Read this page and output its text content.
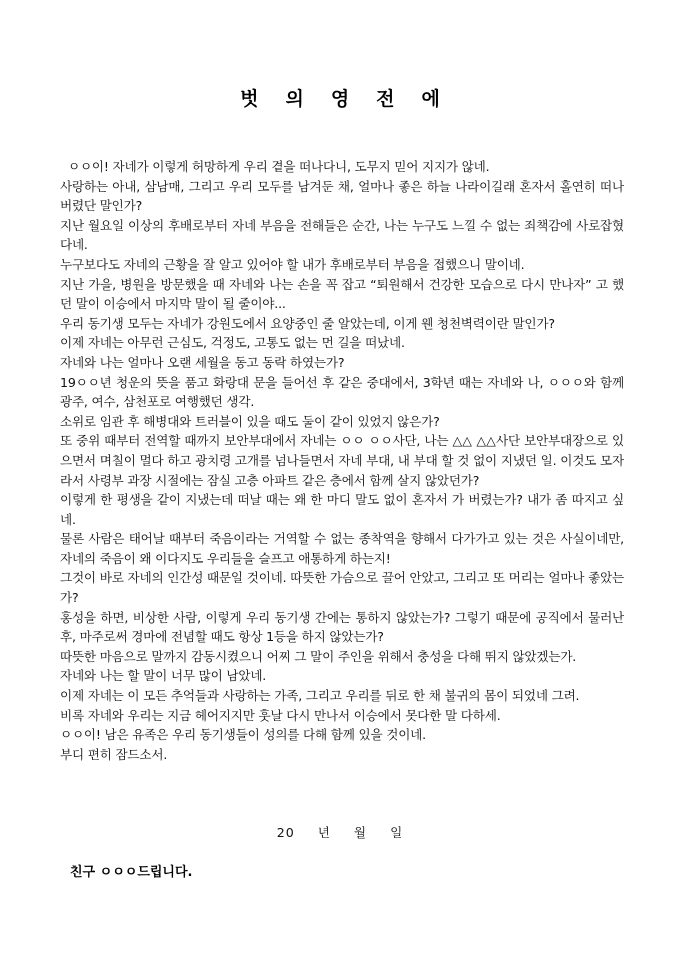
벗의영전에
ㅇㅇ이! 자네가 이렇게 허망하게 우리 곁을 떠나다니, 도무지 믿어 지지가 않네.
사랑하는 아내, 삼남매, 그리고 우리 모두를 남겨둔 채, 얼마나 좋은 하늘 나라이길래 혼자서 홀연히 떠나버렸단 말인가?
지난 월요일 이상의 후배로부터 자네 부음을 전해들은 순간, 나는 누구도 느낄 수 없는 죄책감에 사로잡혔다네.
누구보다도 자네의 근황을 잘 알고 있어야 할 내가 후배로부터 부음을 접했으니 말이네.
지난 가을, 병원을 방문했을 때 자네와 나는 손을 꼭 잡고 “퇴원해서 건강한 모습으로 다시 만나자” 고 했던 말이 이승에서 마지막 말이 될 줄이야...
우리 동기생 모두는 자네가 강원도에서 요양중인 줄 알았는데, 이게 웬 청천벽력이란 말인가?
이제 자네는 아무런 근심도, 걱정도, 고통도 없는 먼 길을 떠났네.
자네와 나는 얼마나 오랜 세월을 동고 동락 하였는가?
19ㅇㅇ년 청운의 뜻을 품고 화랑대 문을 들어선 후 같은 중대에서, 3학년 때는 자네와 나, ㅇㅇㅇ와 함께 광주, 여수, 삼천포로 여행했던 생각.
소위로 임관 후 해병대와 트러블이 있을 때도 둘이 같이 있었지 않은가?
또 중위 때부터 전역할 때까지 보안부대에서 자네는 ㅇㅇ ㅇㅇ사단, 나는 △△ △△사단 보안부대장으로 있으면서 며칠이 멀다 하고 광치령 고개를 넘나들면서 자네 부대, 내 부대 할 것 없이 지냈던 일. 이것도 모자라서 사령부 과장 시절에는 잠실 고층 아파트 같은 층에서 함께 살지 않았던가?
이렇게 한 평생을 같이 지냈는데 떠날 때는 왜 한 마디 말도 없이 혼자서 가 버렸는가? 내가 좀 따지고 싶네.
물론 사람은 태어날 때부터 죽음이라는 거역할 수 없는 종착역을 향해서 다가가고 있는 것은 사실이네만, 자네의 죽음이 왜 이다지도 우리들을 슬프고 애통하게 하는지!
그것이 바로 자네의 인간성 때문일 것이네. 따뜻한 가슴으로 끌어 안았고, 그리고 또 머리는 얼마나 좋았는가?
홍성을 하면, 비상한 사람, 이렇게 우리 동기생 간에는 통하지 않았는가? 그렇기 때문에 공직에서 물러난 후, 마주로써 경마에 전념할 때도 항상 1등을 하지 않았는가?
따뜻한 마음으로 말까지 감동시켰으니 어찌 그 말이 주인을 위해서 충성을 다해 뛰지 않았겠는가.
자네와 나는 할 말이 너무 많이 남았네.
이제 자네는 이 모든 추억들과 사랑하는 가족, 그리고 우리를 뒤로 한 채 불귀의 몸이 되었네 그려.
비록 자네와 우리는 지금 헤어지지만 훗날 다시 만나서 이승에서 못다한 말 다하세.
ㅇㅇ이! 남은 유족은 우리 동기생들이 성의를 다해 함께 있을 것이네.
부디 편히 잠드소서.
20 년 월 일
친구 ㅇㅇㅇ드립니다.
